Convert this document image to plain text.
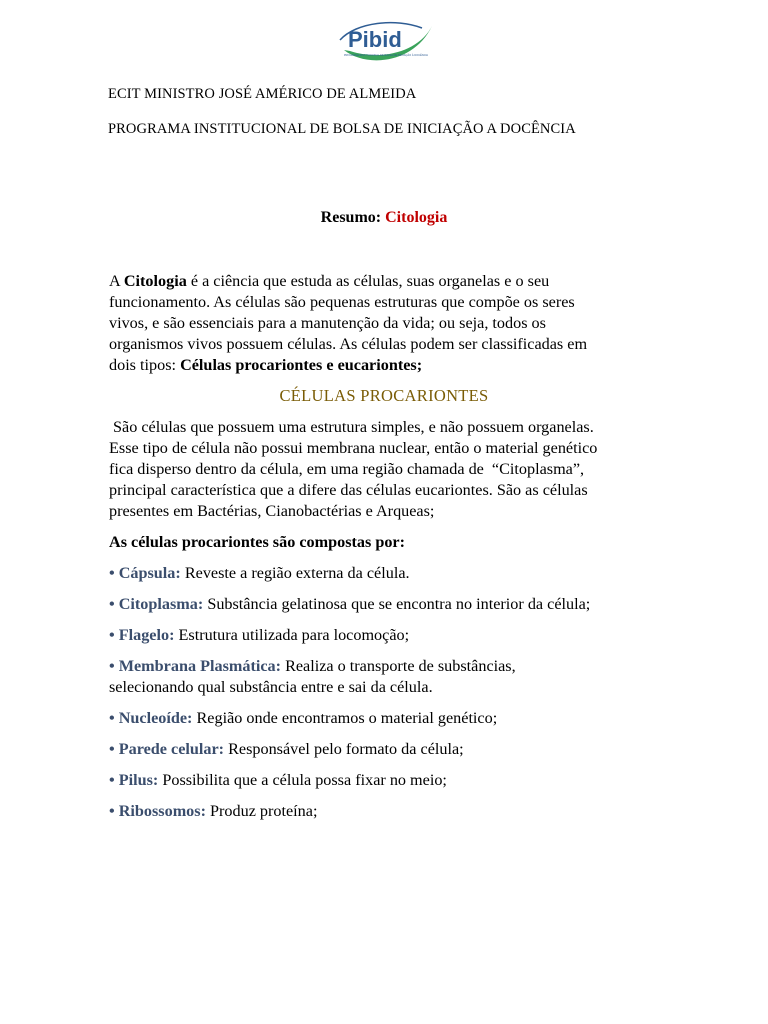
Pibid
PROGRAMA INSTITUCIONAL DE BOLSA DE INICIAÇÃO À DOCÊNCIA
ECIT MINISTRO JOSÉ AMÉRICO DE ALMEIDA
PROGRAMA INSTITUCIONAL DE BOLSA DE INICIAÇÃO A DOCÊNCIA
Resumo: Citologia
A Citologia é a ciência que estuda as células, suas organelas e o seu
funcionamento. As células são pequenas estruturas que compõe os seres
vivos, e são essenciais para a manutenção da vida; ou seja, todos os
organismos vivos possuem células. As células podem ser classificadas em
dois tipos: Células procariontes e eucariontes;
CÉLULAS PROCARIONTES
São células que possuem uma estrutura simples, e não possuem organelas.
Esse tipo de célula não possui membrana nuclear, então o material genético
fica disperso dentro da célula, em uma região chamada de  “Citoplasma”,
principal característica que a difere das células eucariontes. São as células
presentes em Bactérias, Cianobactérias e Arqueas;
As células procariontes são compostas por:
• Cápsula: Reveste a região externa da célula.
• Citoplasma: Substância gelatinosa que se encontra no interior da célula;
• Flagelo: Estrutura utilizada para locomoção;
• Membrana Plasmática: Realiza o transporte de substâncias,
selecionando qual substância entre e sai da célula.
• Nucleoíde: Região onde encontramos o material genético;
• Parede celular: Responsável pelo formato da célula;
• Pilus: Possibilita que a célula possa fixar no meio;
• Ribossomos: Produz proteína;
